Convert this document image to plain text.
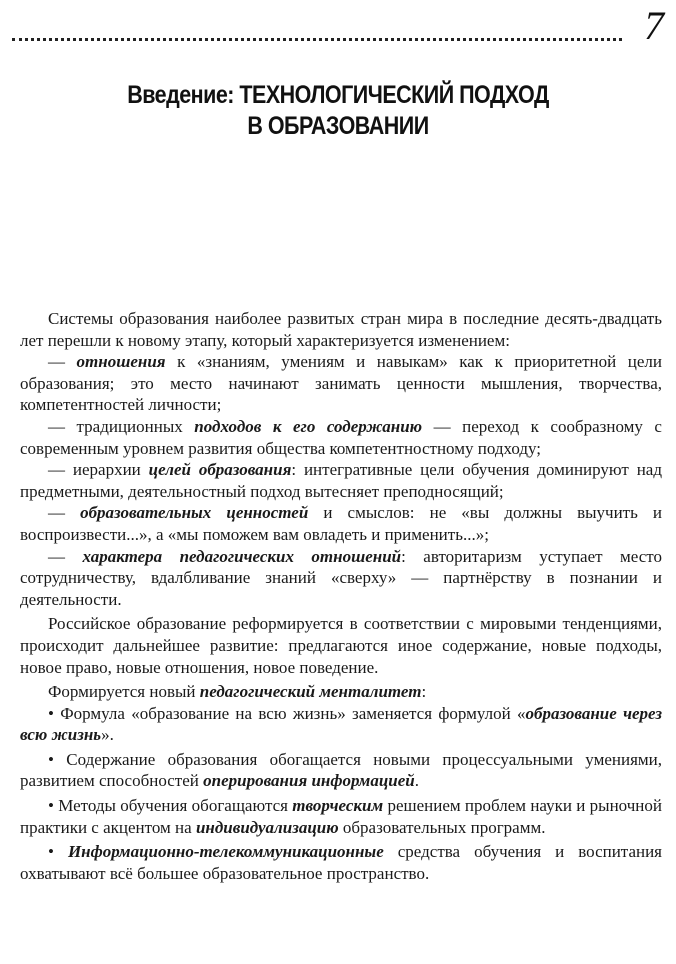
7
Введение: ТЕХНОЛОГИЧЕСКИЙ ПОДХОД
В ОБРАЗОВАНИИ

Системы образования наиболее развитых стран мира в последние десять-двадцать лет перешли к новому этапу, который характеризуется изменением:

— отношения к «знаниям, умениям и навыкам» как к приоритетной цели образования; это место начинают занимать ценности мышления, творчества, компетентностей личности;

— традиционных подходов к его содержанию — переход к сообразному с современным уровнем развития общества компетентностному подходу;

— иерархии целей образования: интегративные цели обучения доминируют над предметными, деятельностный подход вытесняет преподносящий;

— образовательных ценностей и смыслов: не «вы должны выучить и воспроизвести...», а «мы поможем вам овладеть и применить...»;

— характера педагогических отношений: авторитаризм уступает место сотрудничеству, вдалбливание знаний «сверху» — партнёрству в познании и деятельности.

Российское образование реформируется в соответствии с мировыми тенденциями, происходит дальнейшее развитие: предлагаются иное содержание, новые подходы, новое право, новые отношения, новое поведение.

Формируется новый педагогический менталитет:

• Формула «образование на всю жизнь» заменяется формулой «образование через всю жизнь».

• Содержание образования обогащается новыми процессуальными умениями, развитием способностей оперирования информацией.

• Методы обучения обогащаются творческим решением проблем науки и рыночной практики с акцентом на индивидуализацию образовательных программ.

• Информационно-телекоммуникационные средства обучения и воспитания охватывают всё большее образовательное пространство.
